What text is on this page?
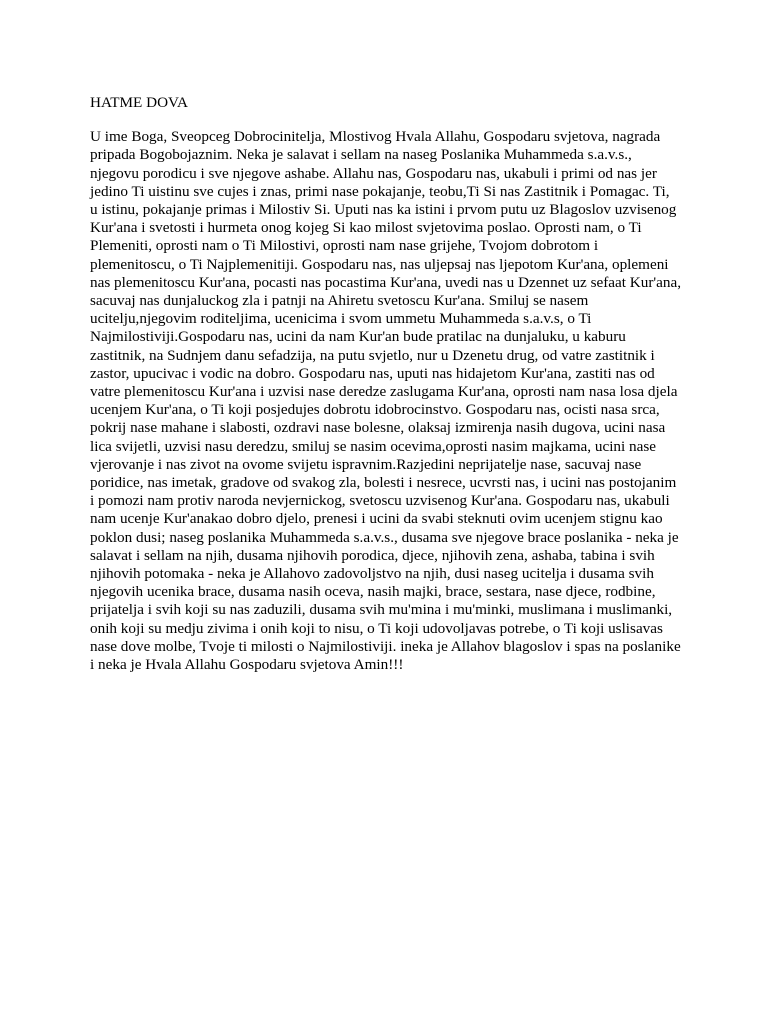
HATME DOVA

U ime Boga, Sveopceg Dobrocinitelja, Mlostivog Hvala Allahu, Gospodaru svjetova, nagrada
pripada Bogobojaznim. Neka je salavat i sellam na naseg Poslanika Muhammeda s.a.v.s.,
njegovu porodicu i sve njegove ashabe. Allahu nas, Gospodaru nas, ukabuli i primi od nas jer
jedino Ti uistinu sve cujes i znas, primi nase pokajanje, teobu,Ti Si nas Zastitnik i Pomagac. Ti,
u istinu, pokajanje primas i Milostiv Si. Uputi nas ka istini i prvom putu uz Blagoslov uzvisenog
Kur'ana i svetosti i hurmeta onog kojeg Si kao milost svjetovima poslao. Oprosti nam, o Ti
Plemeniti, oprosti nam o Ti Milostivi, oprosti nam nase grijehe, Tvojom dobrotom i
plemenitoscu, o Ti Najplemenitiji. Gospodaru nas, nas uljepsaj nas ljepotom Kur'ana, oplemeni
nas plemenitoscu Kur'ana, pocasti nas pocastima Kur'ana, uvedi nas u Dzennet uz sefaat Kur'ana,
sacuvaj nas dunjaluckog zla i patnji na Ahiretu svetoscu Kur'ana. Smiluj se nasem
ucitelju,njegovim roditeljima, ucenicima i svom ummetu Muhammeda s.a.v.s, o Ti
Najmilostiviji.Gospodaru nas, ucini da nam Kur'an bude pratilac na dunjaluku, u kaburu
zastitnik, na Sudnjem danu sefadzija, na putu svjetlo, nur u Dzenetu drug, od vatre zastitnik i
zastor, upucivac i vodic na dobro. Gospodaru nas, uputi nas hidajetom Kur'ana, zastiti nas od
vatre plemenitoscu Kur'ana i uzvisi nase deredze zaslugama Kur'ana, oprosti nam nasa losa djela
ucenjem Kur'ana, o Ti koji posjedujes dobrotu idobrocinstvo. Gospodaru nas, ocisti nasa srca,
pokrij nase mahane i slabosti, ozdravi nase bolesne, olaksaj izmirenja nasih dugova, ucini nasa
lica svijetli, uzvisi nasu deredzu, smiluj se nasim ocevima,oprosti nasim majkama, ucini nase
vjerovanje i nas zivot na ovome svijetu ispravnim.Razjedini neprijatelje nase, sacuvaj nase
poridice, nas imetak, gradove od svakog zla, bolesti i nesrece, ucvrsti nas, i ucini nas postojanim
i pomozi nam protiv naroda nevjernickog, svetoscu uzvisenog Kur'ana. Gospodaru nas, ukabuli
nam ucenje Kur'anakao dobro djelo, prenesi i ucini da svabi steknuti ovim ucenjem stignu kao
poklon dusi; naseg poslanika Muhammeda s.a.v.s., dusama sve njegove brace poslanika - neka je
salavat i sellam na njih, dusama njihovih porodica, djece, njihovih zena, ashaba, tabina i svih
njihovih potomaka - neka je Allahovo zadovoljstvo na njih, dusi naseg ucitelja i dusama svih
njegovih ucenika brace, dusama nasih oceva, nasih majki, brace, sestara, nase djece, rodbine,
prijatelja i svih koji su nas zaduzili, dusama svih mu'mina i mu'minki, muslimana i muslimanki,
onih koji su medju zivima i onih koji to nisu, o Ti koji udovoljavas potrebe, o Ti koji uslisavas
nase dove molbe, Tvoje ti milosti o Najmilostiviji. ineka je Allahov blagoslov i spas na poslanike
i neka je Hvala Allahu Gospodaru svjetova Amin!!!
